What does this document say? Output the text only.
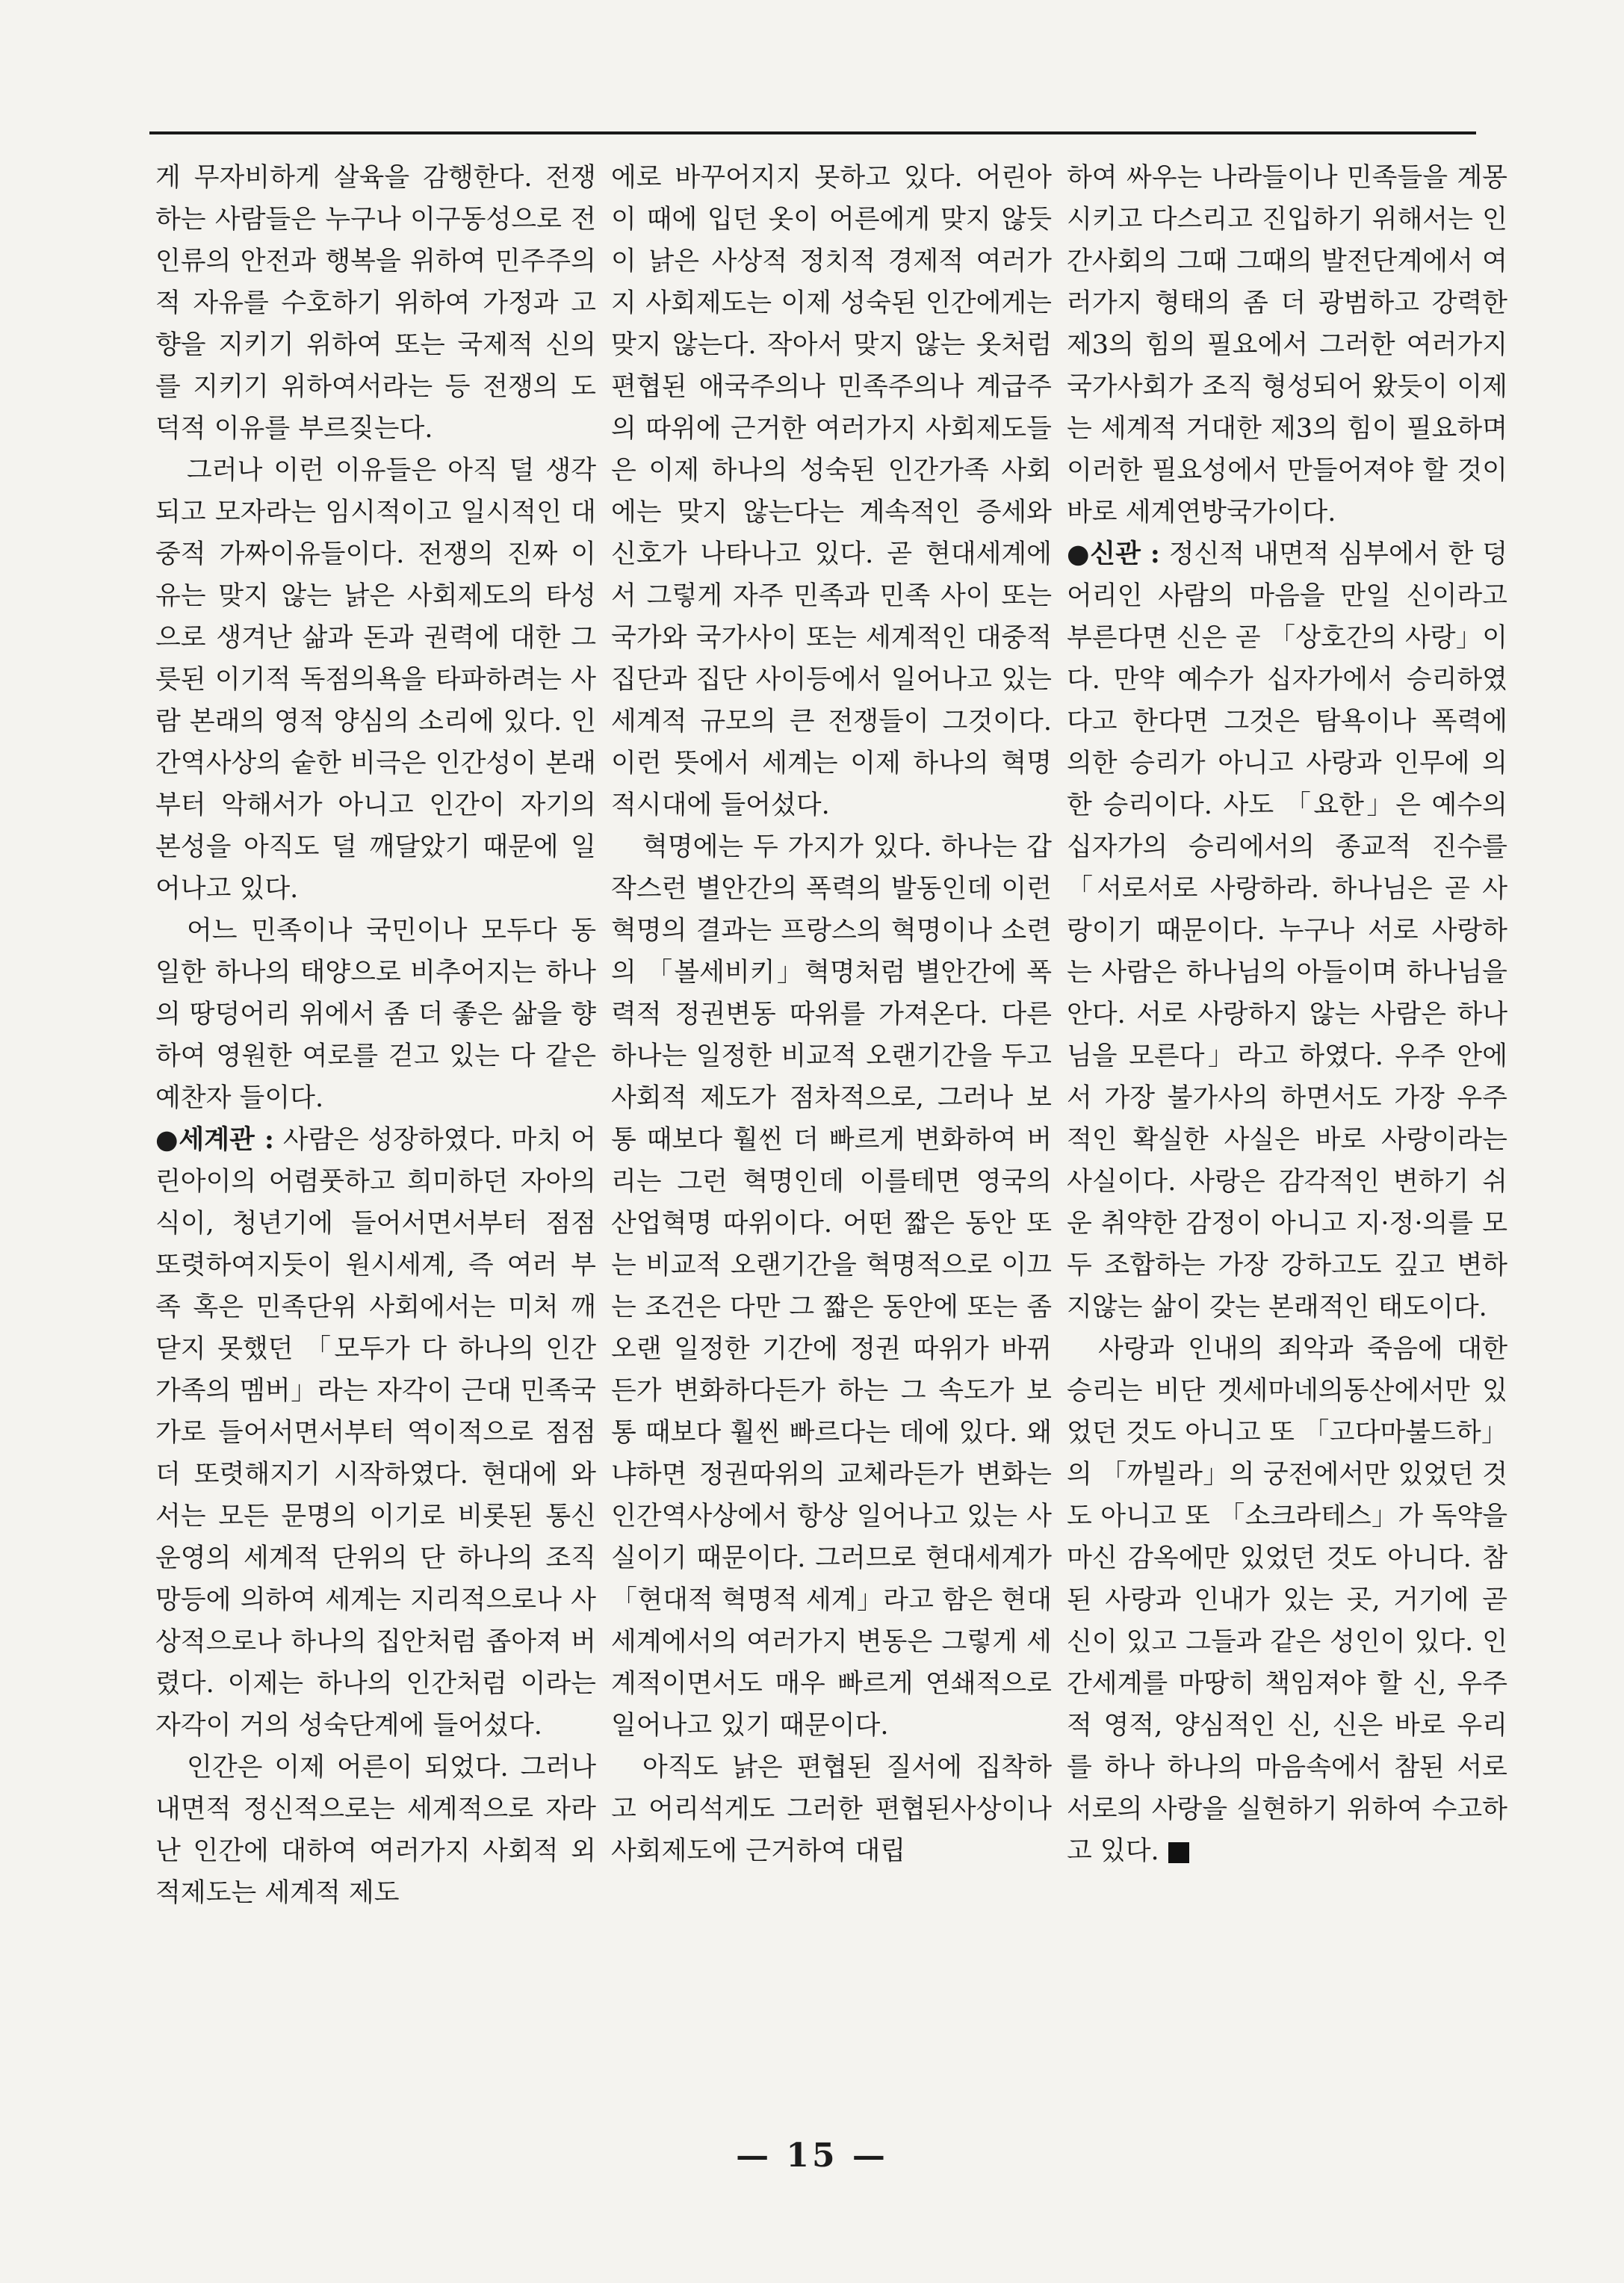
게 무자비하게 살육을 감행한다. 전쟁하는 사람들은 누구나 이구동성으로 전 인류의 안전과 행복을 위하여 민주주의적 자유를 수호하기 위하여 가정과 고향을 지키기 위하여 또는 국제적 신의를 지키기 위하여서라는 등 전쟁의 도덕적 이유를 부르짖는다.

그러나 이런 이유들은 아직 덜 생각되고 모자라는 임시적이고 일시적인 대중적 가짜이유들이다. 전쟁의 진짜 이유는 맞지 않는 낡은 사회제도의 타성으로 생겨난 삶과 돈과 권력에 대한 그릇된 이기적 독점의욕을 타파하려는 사람 본래의 영적 양심의 소리에 있다. 인간역사상의 숱한 비극은 인간성이 본래부터 악해서가 아니고 인간이 자기의 본성을 아직도 덜 깨달았기 때문에 일어나고 있다.

어느 민족이나 국민이나 모두다 동일한 하나의 태양으로 비추어지는 하나의 땅덩어리 위에서 좀 더 좋은 삶을 향하여 영원한 여로를 걷고 있는 다 같은 예찬자 들이다.

●세계관 : 사람은 성장하였다. 마치 어린아이의 어렴풋하고 희미하던 자아의식이, 청년기에 들어서면서부터 점점 또렷하여지듯이 원시세계, 즉 여러 부족 혹은 민족단위 사회에서는 미처 깨닫지 못했던 「모두가 다 하나의 인간가족의 멤버」라는 자각이 근대 민족국가로 들어서면서부터 역이적으로 점점 더 또렷해지기 시작하였다. 현대에 와서는 모든 문명의 이기로 비롯된 통신운영의 세계적 단위의 단 하나의 조직망등에 의하여 세계는 지리적으로나 사상적으로나 하나의 집안처럼 좁아져 버렸다. 이제는 하나의 인간처럼 이라는 자각이 거의 성숙단계에 들어섰다.

인간은 이제 어른이 되었다. 그러나 내면적 정신적으로는 세계적으로 자라난 인간에 대하여 여러가지 사회적 외적제도는 세계적 제도

에로 바꾸어지지 못하고 있다. 어린아이 때에 입던 옷이 어른에게 맞지 않듯이 낡은 사상적 정치적 경제적 여러가지 사회제도는 이제 성숙된 인간에게는 맞지 않는다. 작아서 맞지 않는 옷처럼 편협된 애국주의나 민족주의나 계급주의 따위에 근거한 여러가지 사회제도들은 이제 하나의 성숙된 인간가족 사회에는 맞지 않는다는 계속적인 증세와 신호가 나타나고 있다. 곧 현대세계에서 그렇게 자주 민족과 민족 사이 또는 국가와 국가사이 또는 세계적인 대중적 집단과 집단 사이등에서 일어나고 있는 세계적 규모의 큰 전쟁들이 그것이다. 이런 뜻에서 세계는 이제 하나의 혁명적시대에 들어섰다.

혁명에는 두 가지가 있다. 하나는 갑작스런 별안간의 폭력의 발동인데 이런 혁명의 결과는 프랑스의 혁명이나 소련의 「볼세비키」혁명처럼 별안간에 폭력적 정권변동 따위를 가져온다. 다른 하나는 일정한 비교적 오랜기간을 두고 사회적 제도가 점차적으로, 그러나 보통 때보다 훨씬 더 빠르게 변화하여 버리는 그런 혁명인데 이를테면 영국의 산업혁명 따위이다. 어떤 짧은 동안 또는 비교적 오랜기간을 혁명적으로 이끄는 조건은 다만 그 짧은 동안에 또는 좀 오랜 일정한 기간에 정권 따위가 바뀌든가 변화하다든가 하는 그 속도가 보통 때보다 훨씬 빠르다는 데에 있다. 왜냐하면 정권따위의 교체라든가 변화는 인간역사상에서 항상 일어나고 있는 사실이기 때문이다. 그러므로 현대세계가 「현대적 혁명적 세계」라고 함은 현대 세계에서의 여러가지 변동은 그렇게 세계적이면서도 매우 빠르게 연쇄적으로 일어나고 있기 때문이다.

아직도 낡은 편협된 질서에 집착하고 어리석게도 그러한 편협된사상이나 사회제도에 근거하여 대립

하여 싸우는 나라들이나 민족들을 계몽시키고 다스리고 진입하기 위해서는 인간사회의 그때 그때의 발전단계에서 여러가지 형태의 좀 더 광범하고 강력한 제3의 힘의 필요에서 그러한 여러가지 국가사회가 조직 형성되어 왔듯이 이제는 세계적 거대한 제3의 힘이 필요하며 이러한 필요성에서 만들어져야 할 것이 바로 세계연방국가이다.

●신관 : 정신적 내면적 심부에서 한 덩어리인 사람의 마음을 만일 신이라고 부른다면 신은 곧 「상호간의 사랑」이다. 만약 예수가 십자가에서 승리하였다고 한다면 그것은 탐욕이나 폭력에 의한 승리가 아니고 사랑과 인무에 의한 승리이다. 사도 「요한」은 예수의 십자가의 승리에서의 종교적 진수를 「서로서로 사랑하라. 하나님은 곧 사랑이기 때문이다. 누구나 서로 사랑하는 사람은 하나님의 아들이며 하나님을 안다. 서로 사랑하지 않는 사람은 하나님을 모른다」라고 하였다. 우주 안에서 가장 불가사의 하면서도 가장 우주적인 확실한 사실은 바로 사랑이라는 사실이다. 사랑은 감각적인 변하기 쉬운 취약한 감정이 아니고 지·정·의를 모두 조합하는 가장 강하고도 깊고 변하지않는 삶이 갖는 본래적인 태도이다.

사랑과 인내의 죄악과 죽음에 대한 승리는 비단 겟세마네의동산에서만 있었던 것도 아니고 또 「고다마불드하」의 「까빌라」의 궁전에서만 있었던 것도 아니고 또 「소크라테스」가 독약을 마신 감옥에만 있었던 것도 아니다. 참된 사랑과 인내가 있는 곳, 거기에 곧 신이 있고 그들과 같은 성인이 있다. 인간세계를 마땅히 책임져야 할 신, 우주적 영적, 양심적인 신, 신은 바로 우리를 하나 하나의 마음속에서 참된 서로서로의 사랑을 실현하기 위하여 수고하고 있다.

— 15 —
